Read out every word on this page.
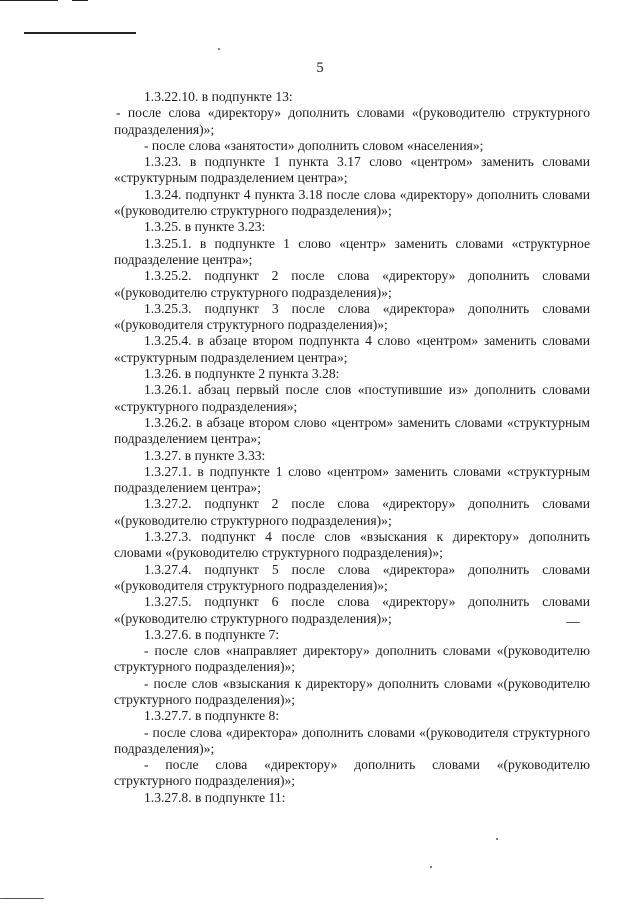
5

1.3.22.10. в подпункте 13:

- после слова «директору» дополнить словами «(руководителю структурного подразделения)»;

- после слова «занятости» дополнить словом «населения»;

1.3.23. в подпункте 1 пункта 3.17 слово «центром» заменить словами «структурным подразделением центра»;

1.3.24. подпункт 4 пункта 3.18 после слова «директору» дополнить словами «(руководителю структурного подразделения)»;

1.3.25. в пункте 3.23:

1.3.25.1. в подпункте 1 слово «центр» заменить словами «структурное подразделение центра»;

1.3.25.2. подпункт 2 после слова «директору» дополнить словами «(руководителю структурного подразделения)»;

1.3.25.3. подпункт 3 после слова «директора» дополнить словами «(руководителя структурного подразделения)»;

1.3.25.4. в абзаце втором подпункта 4 слово «центром» заменить словами «структурным подразделением центра»;

1.3.26. в подпункте 2 пункта 3.28:

1.3.26.1. абзац первый после слов «поступившие из» дополнить словами «структурного подразделения»;

1.3.26.2. в абзаце втором слово «центром» заменить словами «структурным подразделением центра»;

1.3.27. в пункте 3.33:

1.3.27.1. в подпункте 1 слово «центром» заменить словами «структурным подразделением центра»;

1.3.27.2. подпункт 2 после слова «директору» дополнить словами «(руководителю структурного подразделения)»;

1.3.27.3. подпункт 4 после слов «взыскания к директору» дополнить словами «(руководителю структурного подразделения)»;

1.3.27.4. подпункт 5 после слова «директора» дополнить словами «(руководителя структурного подразделения)»;

1.3.27.5. подпункт 6 после слова «директору» дополнить словами «(руководителю структурного подразделения)»;

1.3.27.6. в подпункте 7:

- после слов «направляет директору» дополнить словами «(руководителю структурного подразделения)»;

- после слов «взыскания к директору» дополнить словами «(руководителю структурного подразделения)»;

1.3.27.7. в подпункте 8:

- после слова «директора» дополнить словами «(руководителя структурного подразделения)»;

- после слова «директору» дополнить словами «(руководителю структурного подразделения)»;

1.3.27.8. в подпункте 11:
